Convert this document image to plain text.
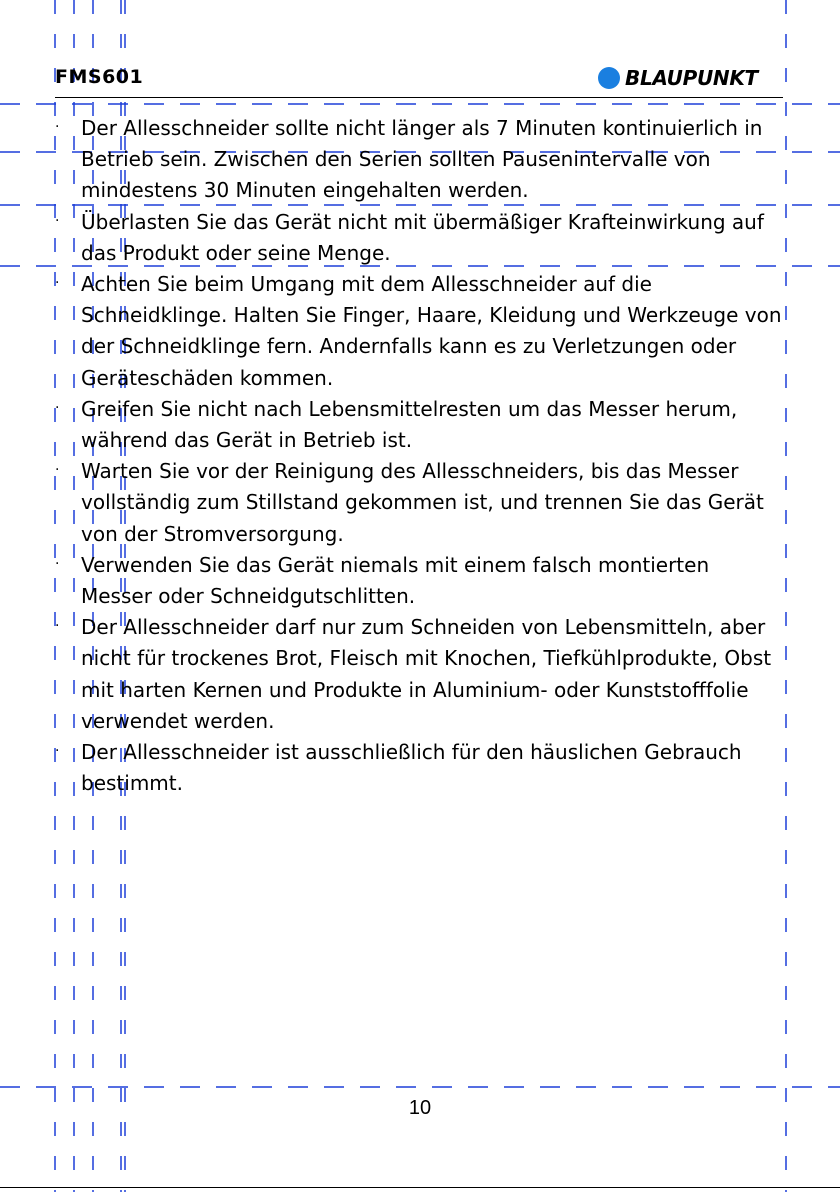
FMS601	BLAUPUNKT
· Der Allesschneider sollte nicht länger als 7 Minuten kontinuierlich in Betrieb sein. Zwischen den Serien sollten Pausenintervalle von mindestens 30 Minuten eingehalten werden.
· Überlasten Sie das Gerät nicht mit übermäßiger Krafteinwirkung auf das Produkt oder seine Menge.
· Achten Sie beim Umgang mit dem Allesschneider auf die Schneidklinge. Halten Sie Finger, Haare, Kleidung und Werkzeuge von der Schneidklinge fern. Andernfalls kann es zu Verletzungen oder Geräteschäden kommen.
· Greifen Sie nicht nach Lebensmittelresten um das Messer herum, während das Gerät in Betrieb ist.
· Warten Sie vor der Reinigung des Allesschneiders, bis das Messer vollständig zum Stillstand gekommen ist, und trennen Sie das Gerät von der Stromversorgung.
· Verwenden Sie das Gerät niemals mit einem falsch montierten Messer oder Schneidgutschlitten.
· Der Allesschneider darf nur zum Schneiden von Lebensmitteln, aber nicht für trockenes Brot, Fleisch mit Knochen, Tiefkühlprodukte, Obst mit harten Kernen und Produkte in Aluminium- oder Kunststofffolie verwendet werden.
· Der Allesschneider ist ausschließlich für den häuslichen Gebrauch bestimmt.
10
